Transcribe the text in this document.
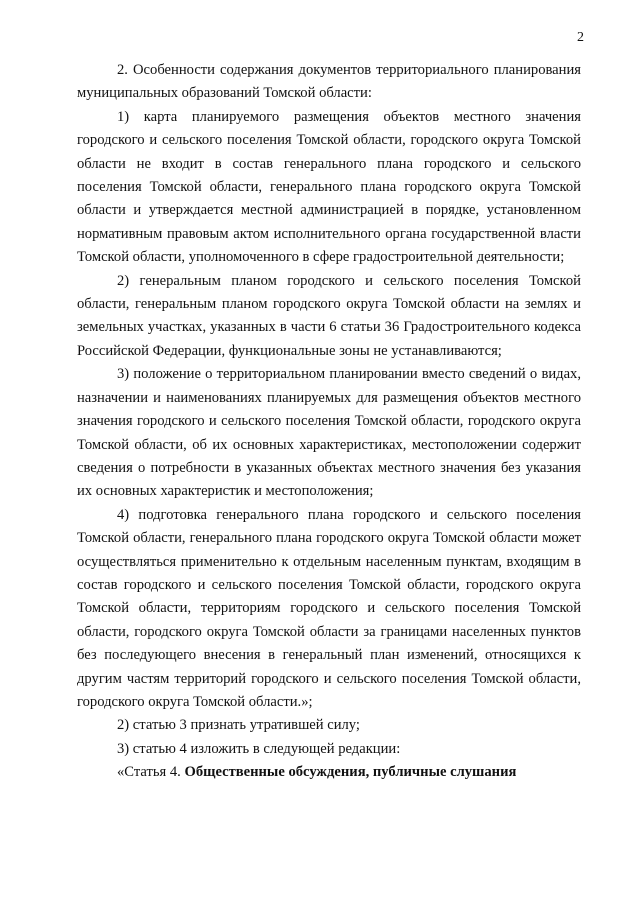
2

2. Особенности содержания документов территориального планирования муниципальных образований Томской области:

1) карта планируемого размещения объектов местного значения городского и сельского поселения Томской области, городского округа Томской области не входит в состав генерального плана городского и сельского поселения Томской области, генерального плана городского округа Томской области и утверждается местной администрацией в порядке, установленном нормативным правовым актом исполнительного органа государственной власти Томской области, уполномоченного в сфере градостроительной деятельности;

2) генеральным планом городского и сельского поселения Томской области, генеральным планом городского округа Томской области на землях и земельных участках, указанных в части 6 статьи 36 Градостроительного кодекса Российской Федерации, функциональные зоны не устанавливаются;

3) положение о территориальном планировании вместо сведений о видах, назначении и наименованиях планируемых для размещения объектов местного значения городского и сельского поселения Томской области, городского округа Томской области, об их основных характеристиках, местоположении содержит сведения о потребности в указанных объектах местного значения без указания их основных характеристик и местоположения;

4) подготовка генерального плана городского и сельского поселения Томской области, генерального плана городского округа Томской области может осуществляться применительно к отдельным населенным пунктам, входящим в состав городского и сельского поселения Томской области, городского округа Томской области, территориям городского и сельского поселения Томской области, городского округа Томской области за границами населенных пунктов без последующего внесения в генеральный план изменений, относящихся к другим частям территорий городского и сельского поселения Томской области, городского округа Томской области.»;

2) статью 3 признать утратившей силу;

3) статью 4 изложить в следующей редакции:

«Статья 4. Общественные обсуждения, публичные слушания
